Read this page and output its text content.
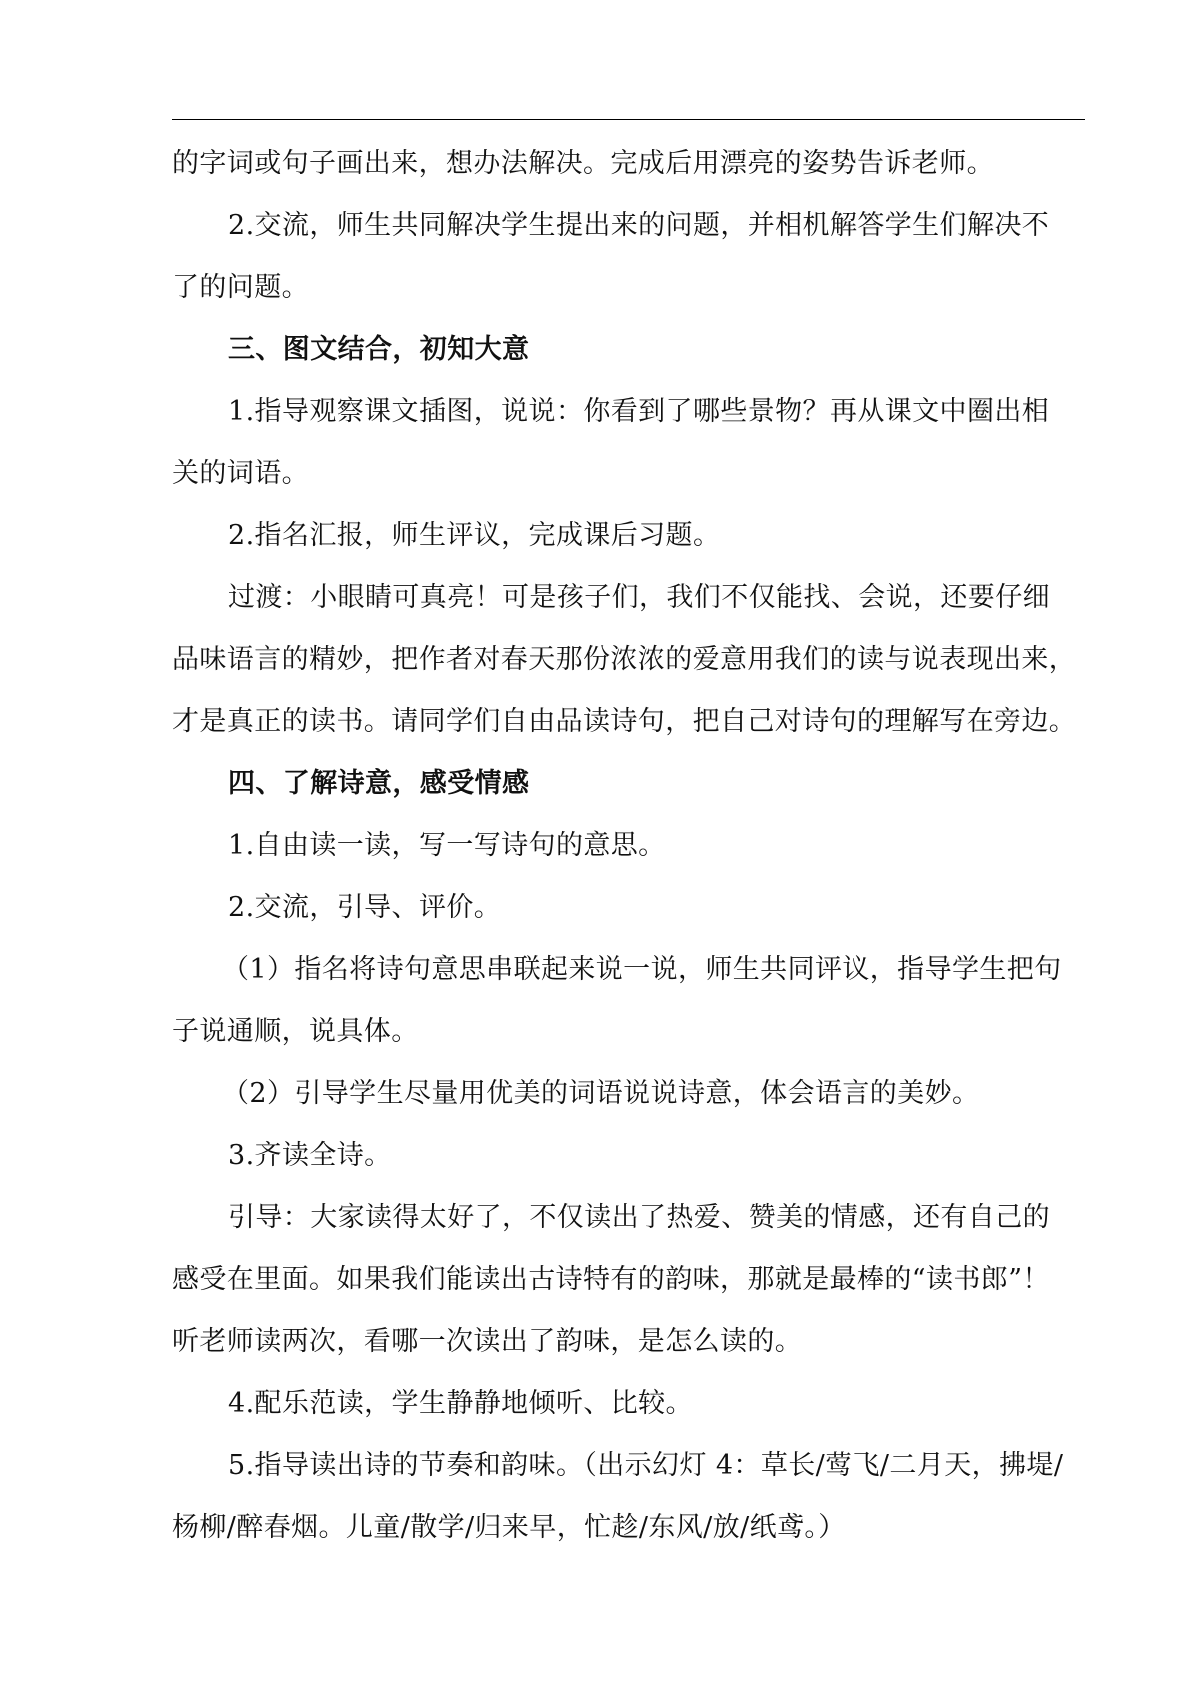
的字词或句子画出来，想办法解决。完成后用漂亮的姿势告诉老师。

2.交流，师生共同解决学生提出来的问题，并相机解答学生们解决不

了的问题。

三、图文结合，初知大意

1.指导观察课文插图，说说：你看到了哪些景物？再从课文中圈出相

关的词语。

2.指名汇报，师生评议，完成课后习题。

过渡：小眼睛可真亮！可是孩子们，我们不仅能找、会说，还要仔细

品味语言的精妙，把作者对春天那份浓浓的爱意用我们的读与说表现出来，

才是真正的读书。请同学们自由品读诗句，把自己对诗句的理解写在旁边。

四、了解诗意，感受情感

1.自由读一读，写一写诗句的意思。

2.交流，引导、评价。

（1）指名将诗句意思串联起来说一说，师生共同评议，指导学生把句

子说通顺，说具体。

（2）引导学生尽量用优美的词语说说诗意，体会语言的美妙。

3.齐读全诗。

引导：大家读得太好了，不仅读出了热爱、赞美的情感，还有自己的

感受在里面。如果我们能读出古诗特有的韵味，那就是最棒的“读书郎”！

听老师读两次，看哪一次读出了韵味，是怎么读的。

4.配乐范读，学生静静地倾听、比较。

5.指导读出诗的节奏和韵味。（出示幻灯 4：草长/莺飞/二月天，拂堤/

杨柳/醉春烟。儿童/散学/归来早，忙趁/东风/放/纸鸢。）
